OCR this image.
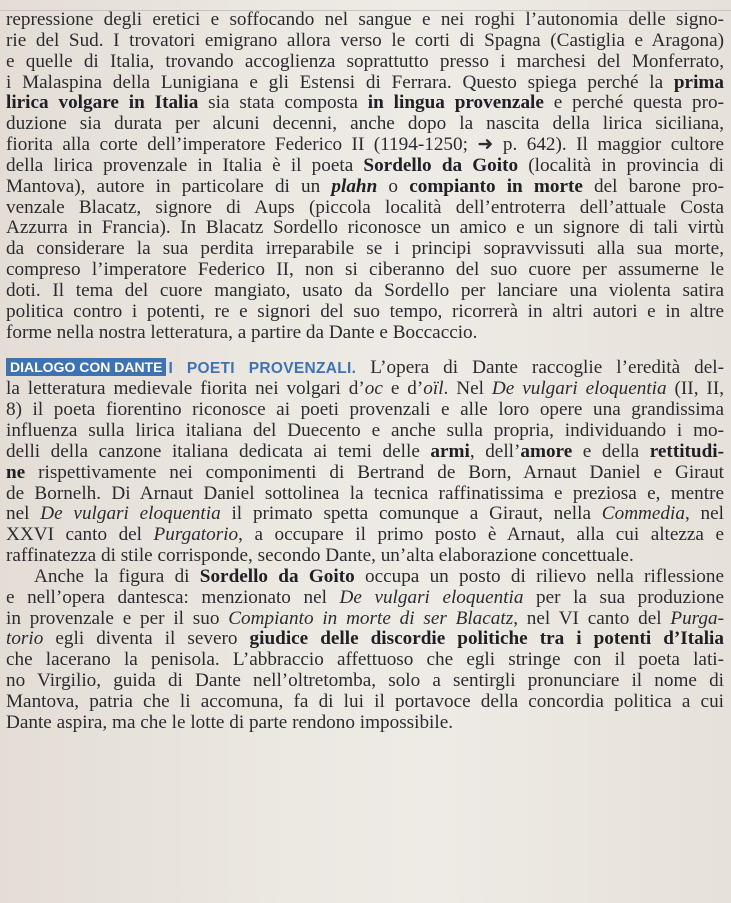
repressione degli eretici e soffocando nel sangue e nei roghi l’autonomia delle signo-
rie del Sud. I trovatori emigrano allora verso le corti di Spagna (Castiglia e Aragona)
e quelle di Italia, trovando accoglienza soprattutto presso i marchesi del Monferrato,
i Malaspina della Lunigiana e gli Estensi di Ferrara. Questo spiega perché la prima
lirica volgare in Italia sia stata composta in lingua provenzale e perché questa pro-
duzione sia durata per alcuni decenni, anche dopo la nascita della lirica siciliana,
fiorita alla corte dell’imperatore Federico II (1194-1250; ➜ p. 642). Il maggior cultore
della lirica provenzale in Italia è il poeta Sordello da Goito (località in provincia di
Mantova), autore in particolare di un plahn o compianto in morte del barone pro-
venzale Blacatz, signore di Aups (piccola località dell’entroterra dell’attuale Costa
Azzurra in Francia). In Blacatz Sordello riconosce un amico e un signore di tali virtù
da considerare la sua perdita irreparabile se i principi sopravvissuti alla sua morte,
compreso l’imperatore Federico II, non si ciberanno del suo cuore per assumerne le
doti. Il tema del cuore mangiato, usato da Sordello per lanciare una violenta satira
politica contro i potenti, re e signori del suo tempo, ricorrerà in altri autori e in altre
forme nella nostra letteratura, a partire da Dante e Boccaccio.
DIALOGO CON DANTE I POETI PROVENZALI. L’opera di Dante raccoglie l’eredità del-
la letteratura medievale fiorita nei volgari d’oc e d’oïl. Nel De vulgari eloquentia (II, II,
8) il poeta fiorentino riconosce ai poeti provenzali e alle loro opere una grandissima
influenza sulla lirica italiana del Duecento e anche sulla propria, individuando i mo-
delli della canzone italiana dedicata ai temi delle armi, dell’amore e della rettitudi-
ne rispettivamente nei componimenti di Bertrand de Born, Arnaut Daniel e Giraut
de Bornelh. Di Arnaut Daniel sottolinea la tecnica raffinatissima e preziosa e, mentre
nel De vulgari eloquentia il primato spetta comunque a Giraut, nella Commedia, nel
XXVI canto del Purgatorio, a occupare il primo posto è Arnaut, alla cui altezza e
raffinatezza di stile corrisponde, secondo Dante, un’alta elaborazione concettuale.
Anche la figura di Sordello da Goito occupa un posto di rilievo nella riflessione
e nell’opera dantesca: menzionato nel De vulgari eloquentia per la sua produzione
in provenzale e per il suo Compianto in morte di ser Blacatz, nel VI canto del Purga-
torio egli diventa il severo giudice delle discordie politiche tra i potenti d’Italia
che lacerano la penisola. L’abbraccio affettuoso che egli stringe con il poeta lati-
no Virgilio, guida di Dante nell’oltretomba, solo a sentirgli pronunciare il nome di
Mantova, patria che li accomuna, fa di lui il portavoce della concordia politica a cui
Dante aspira, ma che le lotte di parte rendono impossibile.
